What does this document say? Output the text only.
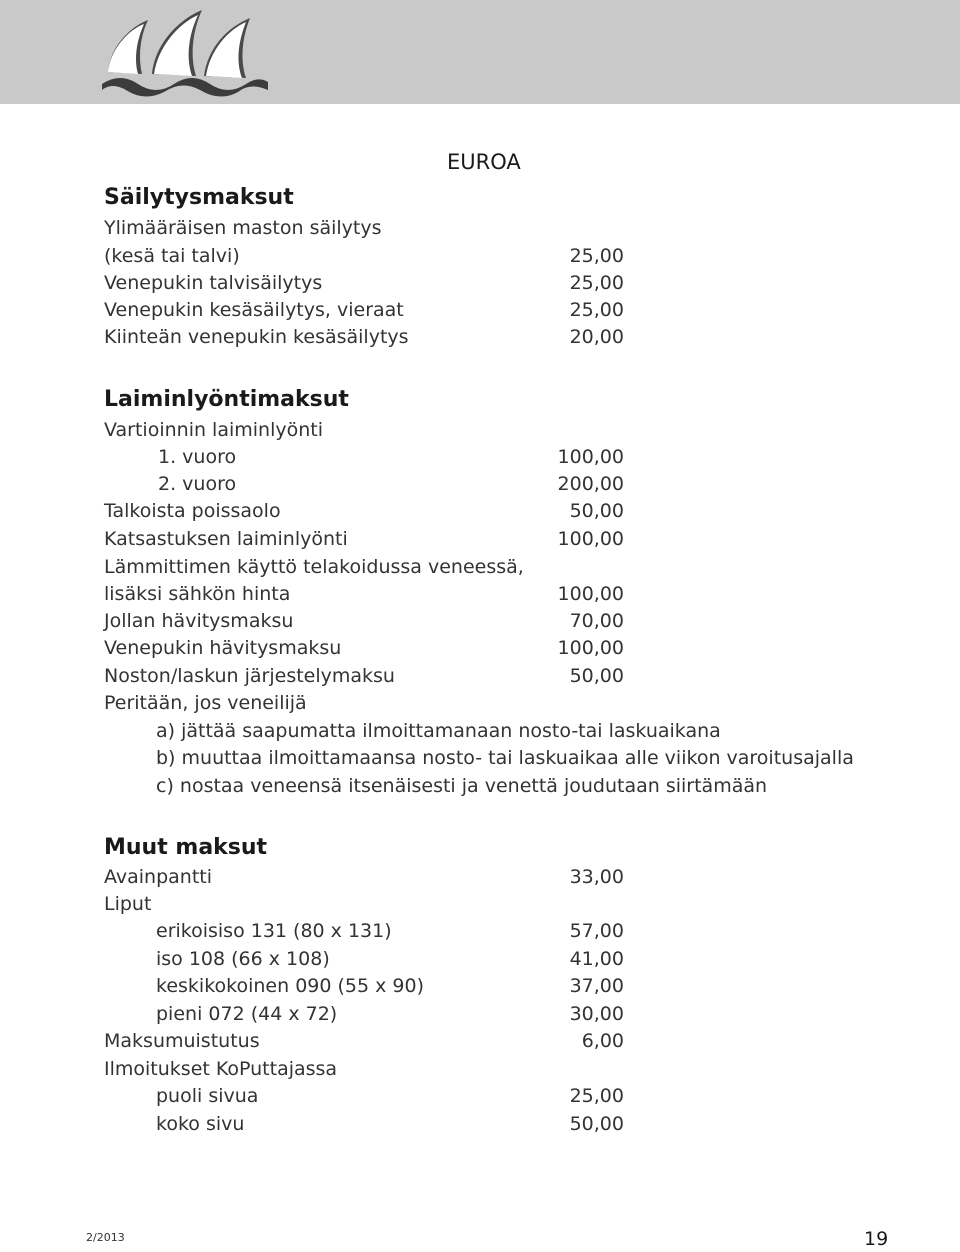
EUROA
Säilytysmaksut
Ylimääräisen maston säilytys
(kesä tai talvi)	25,00
Venepukin talvisäilytys	25,00
Venepukin kesäsäilytys, vieraat	25,00
Kiinteän venepukin kesäsäilytys	20,00
Laiminlyöntimaksut
Vartioinnin laiminlyönti
1. vuoro	100,00
2. vuoro	200,00
Talkoista poissaolo	50,00
Katsastuksen laiminlyönti	100,00
Lämmittimen käyttö telakoidussa veneessä,
lisäksi sähkön hinta	100,00
Jollan hävitysmaksu	70,00
Venepukin hävitysmaksu	100,00
Noston/laskun järjestelymaksu	50,00
Peritään, jos veneilijä
a) jättää saapumatta ilmoittamanaan nosto-tai laskuaikana
b) muuttaa ilmoittamaansa nosto- tai laskuaikaa alle viikon varoitusajalla
c) nostaa veneensä itsenäisesti ja venettä joudutaan siirtämään
Muut maksut
Avainpantti	33,00
Liput
erikoisiso 131 (80 x 131)	57,00
iso 108 (66 x 108)	41,00
keskikokoinen 090 (55 x 90)	37,00
pieni 072 (44 x 72)	30,00
Maksumuistutus	6,00
Ilmoitukset KoPuttajassa
puoli sivua	25,00
koko sivu	50,00
2/2013	19
